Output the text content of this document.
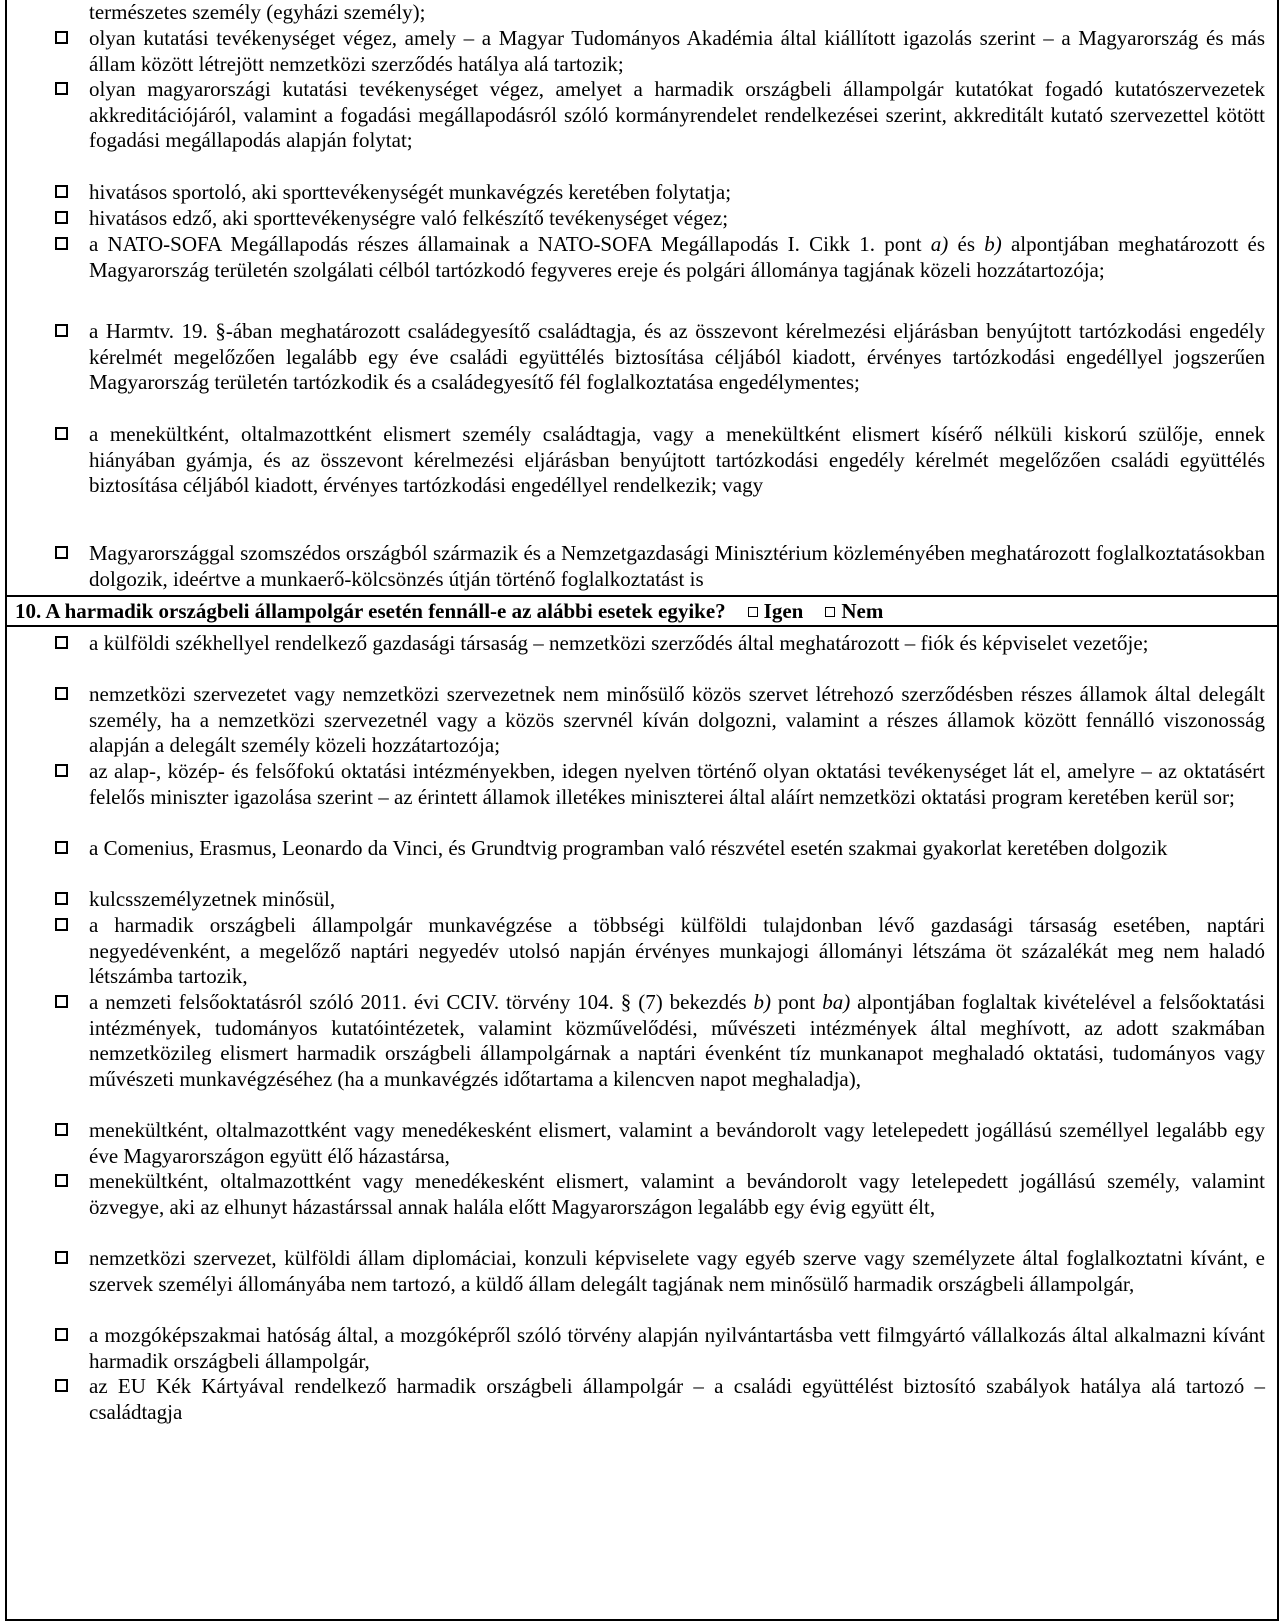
természetes személy (egyházi személy);
olyan kutatási tevékenységet végez, amely – a Magyar Tudományos Akadémia által kiállított igazolás szerint – a Magyarország és más állam között létrejött nemzetközi szerződés hatálya alá tartozik;
olyan magyarországi kutatási tevékenységet végez, amelyet a harmadik országbeli állampolgár kutatókat fogadó kutatószervezetek akkreditációjáról, valamint a fogadási megállapodásról szóló kormányrendelet rendelkezései szerint, akkreditált kutató szervezettel kötött fogadási megállapodás alapján folytat;
hivatásos sportoló, aki sporttevékenységét munkavégzés keretében folytatja;
hivatásos edző, aki sporttevékenységre való felkészítő tevékenységet végez;
a NATO-SOFA Megállapodás részes államainak a NATO-SOFA Megállapodás I. Cikk 1. pont a) és b) alpontjában meghatározott és Magyarország területén szolgálati célból tartózkodó fegyveres ereje és polgári állománya tagjának közeli hozzátartozója;
a Harmtv. 19. §-ában meghatározott családegyesítő családtagja, és az összevont kérelmezési eljárásban benyújtott tartózkodási engedély kérelmét megelőzően legalább egy éve családi együttélés biztosítása céljából kiadott, érvényes tartózkodási engedéllyel jogszerűen Magyarország területén tartózkodik és a családegyesítő fél foglalkoztatása engedélymentes;
a menekültként, oltalmazottként elismert személy családtagja, vagy a menekültként elismert kísérő nélküli kiskorú szülője, ennek hiányában gyámja, és az összevont kérelmezési eljárásban benyújtott tartózkodási engedély kérelmét megelőzően családi együttélés biztosítása céljából kiadott, érvényes tartózkodási engedéllyel rendelkezik; vagy
Magyarországgal szomszédos országból származik és a Nemzetgazdasági Minisztérium közleményében meghatározott foglalkoztatásokban dolgozik, ideértve a munkaerő-kölcsönzés útján történő foglalkoztatást is
10. A harmadik országbeli állampolgár esetén fennáll-e az alábbi esetek egyike?	Igen	Nem
a külföldi székhellyel rendelkező gazdasági társaság – nemzetközi szerződés által meghatározott – fiók és képviselet vezetője;
nemzetközi szervezetet vagy nemzetközi szervezetnek nem minősülő közös szervet létrehozó szerződésben részes államok által delegált személy, ha a nemzetközi szervezetnél vagy a közös szervnél kíván dolgozni, valamint a részes államok között fennálló viszonosság alapján a delegált személy közeli hozzátartozója;
az alap-, közép- és felsőfokú oktatási intézményekben, idegen nyelven történő olyan oktatási tevékenységet lát el, amelyre – az oktatásért felelős miniszter igazolása szerint – az érintett államok illetékes miniszterei által aláírt nemzetközi oktatási program keretében kerül sor;
a Comenius, Erasmus, Leonardo da Vinci, és Grundtvig programban való részvétel esetén szakmai gyakorlat keretében dolgozik
kulcsszemélyzetnek minősül,
a harmadik országbeli állampolgár munkavégzése a többségi külföldi tulajdonban lévő gazdasági társaság esetében, naptári negyedévenként, a megelőző naptári negyedév utolsó napján érvényes munkajogi állományi létszáma öt százalékát meg nem haladó létszámba tartozik,
a nemzeti felsőoktatásról szóló 2011. évi CCIV. törvény 104. § (7) bekezdés b) pont ba) alpontjában foglaltak kivételével a felsőoktatási intézmények, tudományos kutatóintézetek, valamint közművelődési, művészeti intézmények által meghívott, az adott szakmában nemzetközileg elismert harmadik országbeli állampolgárnak a naptári évenként tíz munkanapot meghaladó oktatási, tudományos vagy művészeti munkavégzéséhez (ha a munkavégzés időtartama a kilencven napot meghaladja),
menekültként, oltalmazottként vagy menedékesként elismert, valamint a bevándorolt vagy letelepedett jogállású személlyel legalább egy éve Magyarországon együtt élő házastársa,
menekültként, oltalmazottként vagy menedékesként elismert, valamint a bevándorolt vagy letelepedett jogállású személy, valamint özvegye, aki az elhunyt házastárssal annak halála előtt Magyarországon legalább egy évig együtt élt,
nemzetközi szervezet, külföldi állam diplomáciai, konzuli képviselete vagy egyéb szerve vagy személyzete által foglalkoztatni kívánt, e szervek személyi állományába nem tartozó, a küldő állam delegált tagjának nem minősülő harmadik országbeli állampolgár,
a mozgóképszakmai hatóság által, a mozgóképről szóló törvény alapján nyilvántartásba vett filmgyártó vállalkozás által alkalmazni kívánt harmadik országbeli állampolgár,
az EU Kék Kártyával rendelkező harmadik országbeli állampolgár – a családi együttélést biztosító szabályok hatálya alá tartozó – családtagja
